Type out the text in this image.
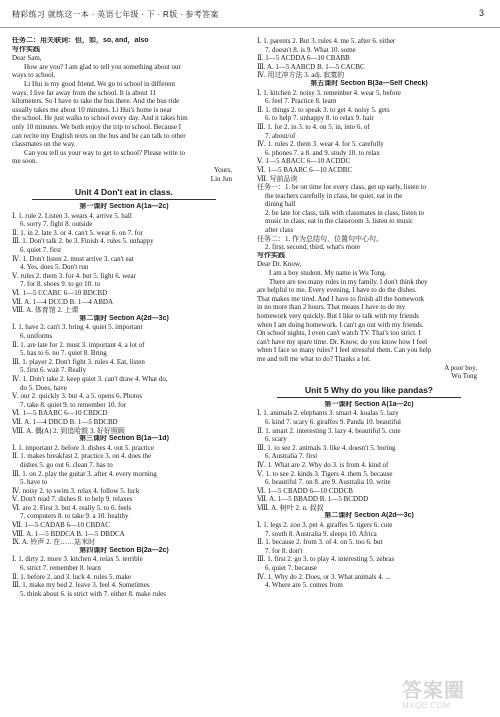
精彩练习 就练这一本 · 英语七年级 · 下 · R版 · 参考答案	3
任务二：用关联词：但，如，so, and，also
写作实践
Dear Sam,
How are you? I am glad to tell you something about our
ways to school.
Li Hui is my good friend. We go to school in different
ways. I live far away from the school. It is about 11
kilometers. So I have to take the bus there. And the bus ride
usually takes me about 10 minutes. Li Hui's home is near
the school. He just walks to school every day. And it takes him
only 10 minutes. We both enjoy the trip to school. Because I
can recite my English texts on the bus and he can talk to other
classmates on the way.
Can you tell us your way to get to school? Please write to
me soon.
Yours,
Liu Jun
Unit 4 Don't eat in class.
第一课时 Section A(1a—2c)
Ⅰ. 1. rule 2. Listen 3. wears 4. arrive 5. hall
6. sorry 7. fight 8. outside
Ⅱ. 1. in 2. late 3. or 4. can't 5. wear 6. on 7. for
Ⅲ. 1. Don't talk 2. be 3. Finish 4. rules 5. unhappy
6. quiet 7. first
Ⅳ. 1. Don't listen 2. must arrive 3. can't eat
4. Yes, does 5. Don't run
Ⅴ. rules 2. them 3. for 4. but 5. fight 6. wear
7. for 8. shoes 9. to go 10. to
Ⅵ. 1—5 CCABC 6—10 BDCBD
Ⅶ. A. 1—4 DCCD B. 1—4 ABDA
Ⅷ. A. 体育馆 2. 上课
第二课时 Section A(2d—3c)
Ⅰ. 1. have 2. can't 3. bring 4. quiet 5. important
6. uniforms
Ⅱ. 1. are late for 2. must 3. important 4. a lot of
5. has to 6. no 7. quiet 8. Bring
Ⅲ. 1. player 2. Don't fight 3. rules 4. Eat, listen
5. first 6. wait 7. Really
Ⅳ. 1. Don't take 2. keep quiet 3. can't draw 4. What do,
do 5. Does, have
Ⅴ. our 2. quickly 3. but 4. a 5. opens 6. Photos
7. take 8. quiet 9. to remember 10. for
Ⅵ. 1—5 BAABC 6—10 CBDCD
Ⅶ. A. 1—4 DBCD B. 1—5 BDCBD
Ⅷ. A. 偶(A) 2. 到追哈鼓 3. 好好照顾
第三课时 Section B(1a—1d)
Ⅰ. 1. important 2. before 3. dishes 4. out 5. practice
Ⅱ. 1. makes breakfast 2. practice 3. on 4. does the
dishes 5. go out 6. clean 7. has to
Ⅲ. 1. on 2. play the guitar 3. after 4. every morning
5. have to
Ⅳ. noisy 2. to swim 3. relax 4. follow 5. luck
Ⅴ. Don't read 7. dishes 8. to help 9. relaxes
Ⅵ. are 2. First 3. but 4. really 5. to 6. feels
7. computers 8. to take 9. a 10. healthy
Ⅶ. 1—5 CADAB 6—10 CBDAC
Ⅷ. A. 1—5 BDDCA B. 1—5 DBDCA
Ⅸ. A. 铃声 2. 在……站米时
第四课时 Section B(2a—2c)
Ⅰ. 1. dirty 2. more 3. kitchen 4. relax 5. terrible
6. strict 7. remember 8. learn
Ⅱ. 1. before 2. and 3. luck 4. rules 5. make
Ⅲ. 1. make my bed 2. leave 3. feel 4. Sometimes
5. think about 6. is strict with 7. either 8. make rules
Ⅰ. 1. parents 2. But 3. rules 4. me 5. after 6. either
7. doesn't 8. is 9. What 10. some
Ⅱ. 1—5 ACDDA 6—10 CBABB
Ⅲ. A. 1—5 AABCD B. 1—5 CACBC
Ⅳ. 用过冲方法 3. adj. 寂寞的
第五课时 Section B(3a—Self Check)
Ⅰ. 1. kitchen 2. noisy 3. remember 4. wear 5. before
6. feel 7. Practice 8. learn
Ⅱ. 1. things 2. to speak 3. to get 4. noisy 5. gets
6. to help 7. unhappy 8. to relax 9. hair
Ⅲ. 1. for 2. in 3. to 4. on 5. in, into 6. of
7. about/of
Ⅳ. 1. rules 2. them 3. wear 4. for 5. carefully
6. phones 7. a 8. and 9. study 10. to relax
Ⅴ. 1—5 ABACC 6—10 ACDDC
Ⅵ. 1—5 BAABC 6—10 ACDBC
Ⅶ. 写前品读
任务一：1. be on time for every class, get up early, listen to
the teachers carefully in class, be quiet, eat in the
dining hall
2. be late for class, talk with classmates in class, listen to
music in class, eat in the classroom 3. listen to music
after class
任务二：1. 作为总结句，位置句中心句。
2. first, second, third, what's more
写作实践
Dear Dr. Know,
I am a boy student. My name is Wu Tong.
There are too many rules in my family. I don't think they
are helpful to me. Every evening, I have to do the dishes.
That makes me tired. And I have to finish all the homework
in no more than 2 hours. That means I have to do my
homework very quickly. But I like to talk with my friends
when I am doing homework. I can't go out with my friends.
On school nights, I even can't watch TV. That's too strict. I
can't have my spare time. Dr. Know, do you know how I feel
when I face so many rules? I feel stressful them. Can you help
me and tell me what to do? Thanks a lot.
A poor boy,
Wu Tong
Unit 5 Why do you like pandas?
第一课时 Section A(1a—2c)
Ⅰ. 1. animals 2. elephants 3. smart 4. koalas 5. lazy
6. kind 7. scary 6. giraffes 9. Panda 10. beautiful
Ⅱ. 1. smart 2. interesting 3. lazy 4. beautiful 5. cute
6. scary
Ⅲ. 1. to see 2. animals 3. like 4. doesn't 5. boring
6. Australia 7. first
Ⅳ. 1. What are 2. Why do 3. is from 4. kind of
Ⅴ. 1. to see 2. kinds 3. Tigers 4. them 5. because
6. beautiful 7. on 8. are 9. Australia 10. write
Ⅵ. 1—5 CBADD 6—10 CDDCB
Ⅶ. A. 1—5 BBADD B. 1—5 BCDDD
Ⅷ. A. 树叶 2. n. 叔叔
第二课时 Section A(2d—3c)
Ⅰ. 1. legs 2. zoo 3. pet 4. giraffes 5. tigers 6. cute
7. south 8. Australia 9. sleeps 10. Africa
Ⅱ. 1. because 2. from 3. of 4. on 5. too 6. but
7. for 8. don't
Ⅲ. 1. first 2. go 3. to play 4. interesting 5. zebras
6. quiet 7. because
Ⅳ. 1. Why do 2. Does, or 3. What animals 4. ...
4. Where are 5. comes from
答案圈
MXQE.COM
